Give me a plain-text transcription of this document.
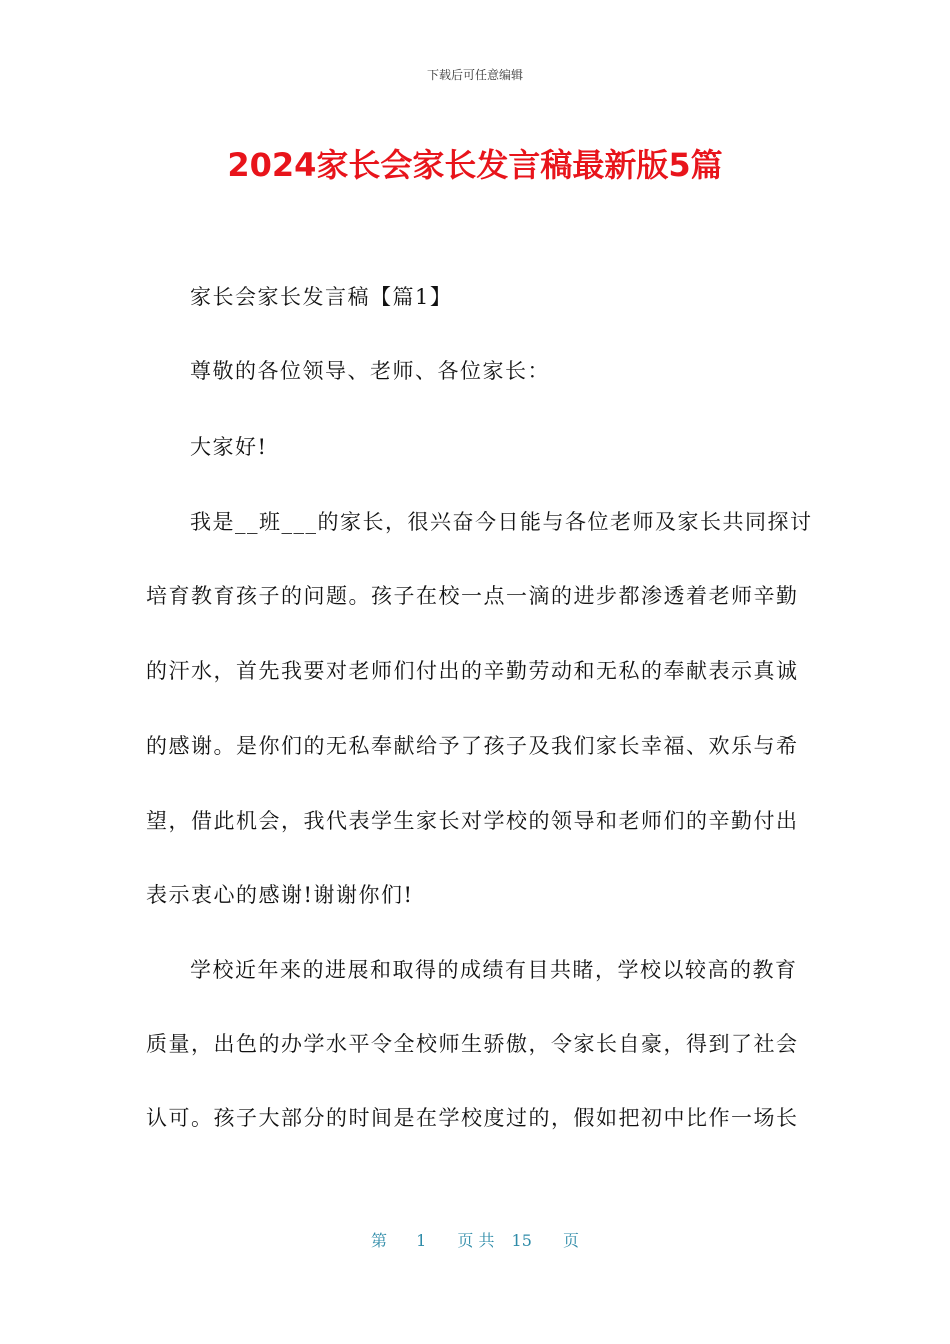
下载后可任意编辑
2024家长会家长发言稿最新版5篇
家长会家长发言稿【篇1】
尊敬的各位领导、老师、各位家长：
大家好!
我是__班___的家长，很兴奋今日能与各位老师及家长共同探讨
培育教育孩子的问题。孩子在校一点一滴的进步都渗透着老师辛勤
的汗水，首先我要对老师们付出的辛勤劳动和无私的奉献表示真诚
的感谢。是你们的无私奉献给予了孩子及我们家长幸福、欢乐与希
望，借此机会，我代表学生家长对学校的领导和老师们的辛勤付出
表示衷心的感谢!谢谢你们!
学校近年来的进展和取得的成绩有目共睹，学校以较高的教育
质量，出色的办学水平令全校师生骄傲，令家长自豪，得到了社会
认可。孩子大部分的时间是在学校度过的，假如把初中比作一场长
第 1 页 共 15 页
